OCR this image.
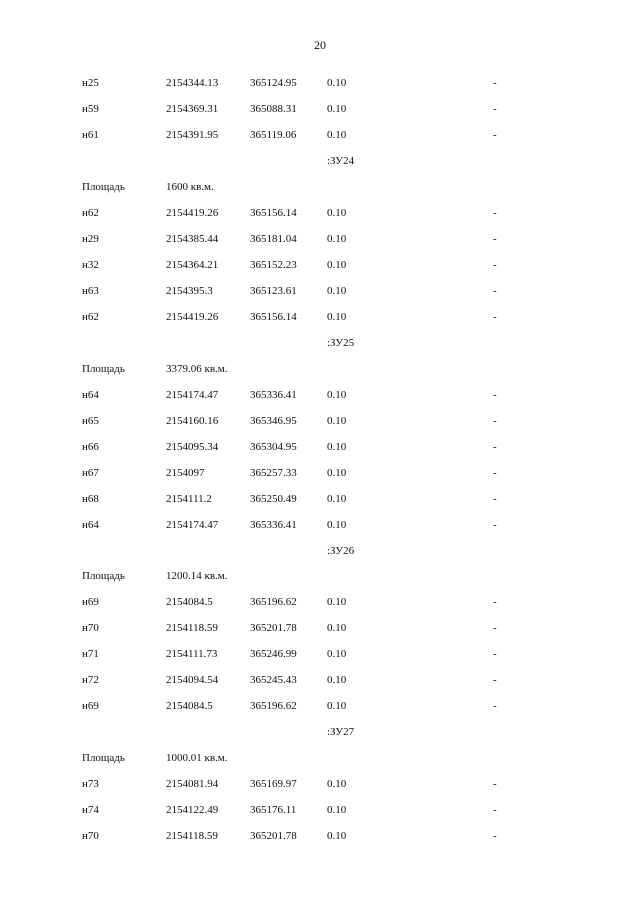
20
н25	2154344.13	365124.95	0.10	-
н59	2154369.31	365088.31	0.10	-
н61	2154391.95	365119.06	0.10	-
:ЗУ24
Площадь	1600 кв.м.
н62	2154419.26	365156.14	0.10	-
н29	2154385.44	365181.04	0.10	-
н32	2154364.21	365152.23	0.10	-
н63	2154395.3	365123.61	0.10	-
н62	2154419.26	365156.14	0.10	-
:ЗУ25
Площадь	3379.06 кв.м.
н64	2154174.47	365336.41	0.10	-
н65	2154160.16	365346.95	0.10	-
н66	2154095.34	365304.95	0.10	-
н67	2154097	365257.33	0.10	-
н68	2154111.2	365250.49	0.10	-
н64	2154174.47	365336.41	0.10	-
:ЗУ26
Площадь	1200.14 кв.м.
н69	2154084.5	365196.62	0.10	-
н70	2154118.59	365201.78	0.10	-
н71	2154111.73	365246.99	0.10	-
н72	2154094.54	365245.43	0.10	-
н69	2154084.5	365196.62	0.10	-
:ЗУ27
Площадь	1000.01 кв.м.
н73	2154081.94	365169.97	0.10	-
н74	2154122.49	365176.11	0.10	-
н70	2154118.59	365201.78	0.10	-
